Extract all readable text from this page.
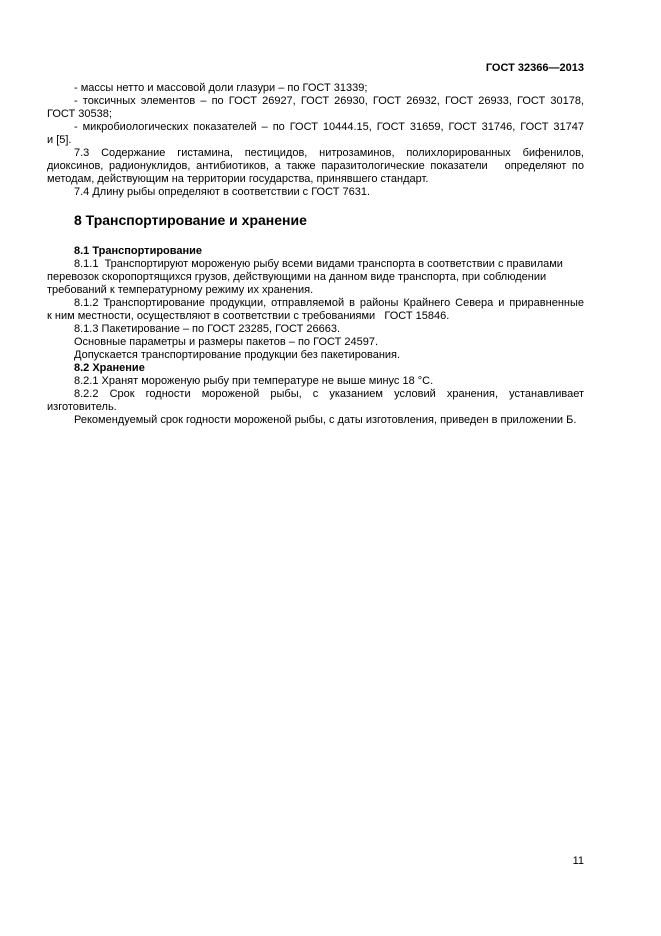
ГОСТ 32366—2013
- массы нетто и массовой доли глазури – по ГОСТ 31339;
- токсичных элементов – по ГОСТ 26927, ГОСТ 26930, ГОСТ 26932, ГОСТ 26933, ГОСТ 30178,
ГОСТ 30538;
- микробиологических показателей – по ГОСТ 10444.15, ГОСТ 31659, ГОСТ 31746, ГОСТ 31747
и [5].
7.3 Содержание гистамина, пестицидов, нитрозаминов, полихлорированных бифенилов,
диоксинов, радионуклидов, антибиотиков, а также паразитологические показатели   определяют по
методам, действующим на территории государства, принявшего стандарт.
7.4 Длину рыбы определяют в соответствии с ГОСТ 7631.
8 Транспортирование и хранение
8.1 Транспортирование
8.1.1  Транспортируют мороженую рыбу всеми видами транспорта в соответствии с правилами
перевозок скоропортящихся грузов, действующими на данном виде транспорта, при соблюдении
требований к температурному режиму их хранения.
8.1.2 Транспортирование продукции, отправляемой в районы Крайнего Севера и приравненные
к ним местности, осуществляют в соответствии с требованиями   ГОСТ 15846.
8.1.3 Пакетирование – по ГОСТ 23285, ГОСТ 26663.
Основные параметры и размеры пакетов – по ГОСТ 24597.
Допускается транспортирование продукции без пакетирования.
8.2 Хранение
8.2.1 Хранят мороженую рыбу при температуре не выше минус 18 °С.
8.2.2 Срок годности мороженой рыбы, с указанием условий хранения, устанавливает
изготовитель.
Рекомендуемый срок годности мороженой рыбы, с даты изготовления, приведен в приложении Б.
11
